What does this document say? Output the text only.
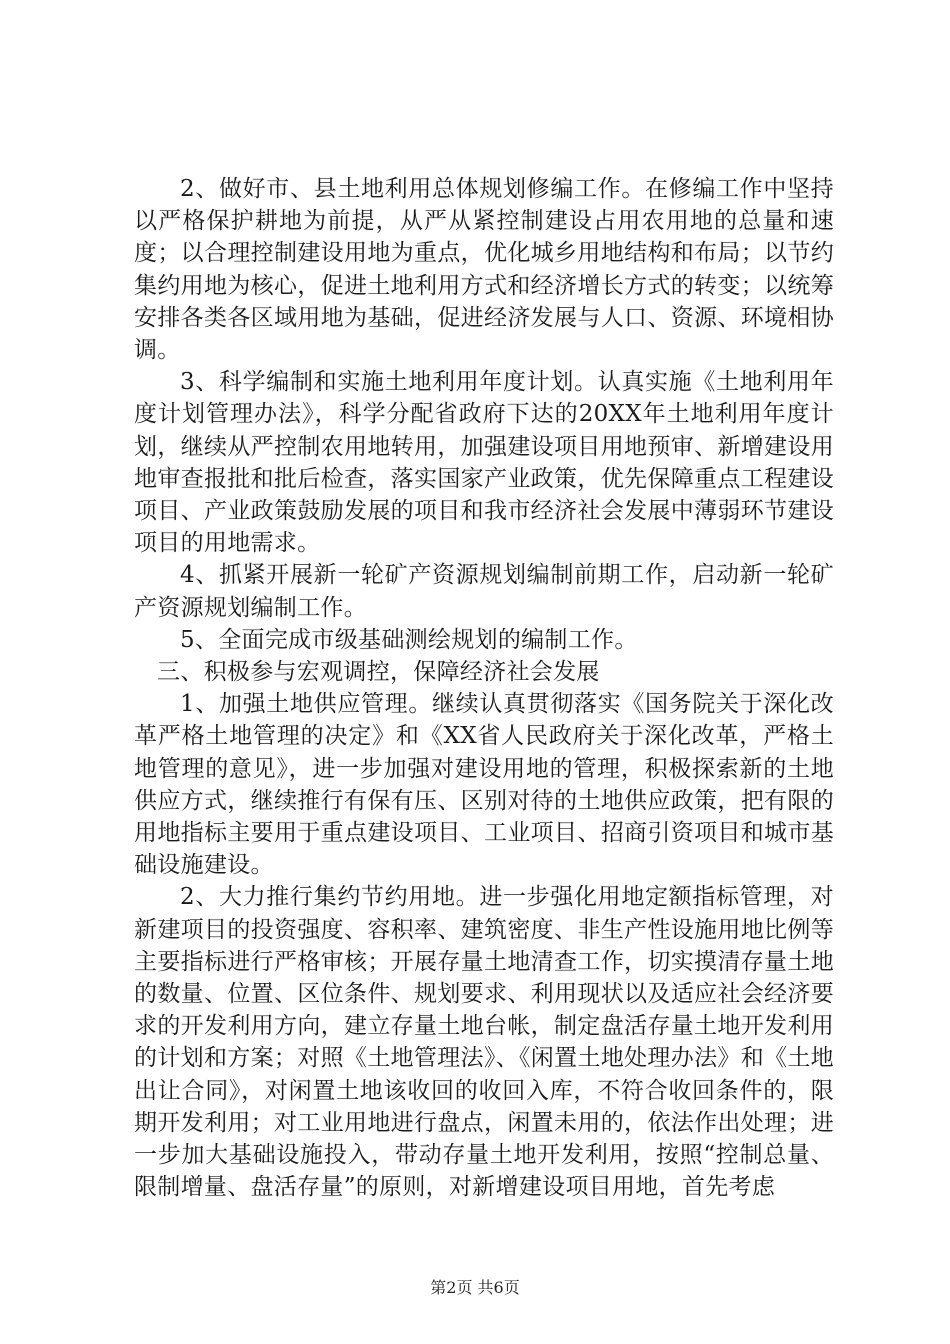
2、做好市、县土地利用总体规划修编工作。在修编工作中坚持以严格保护耕地为前提，从严从紧控制建设占用农用地的总量和速度；以合理控制建设用地为重点，优化城乡用地结构和布局；以节约集约用地为核心，促进土地利用方式和经济增长方式的转变；以统筹安排各类各区域用地为基础，促进经济发展与人口、资源、环境相协调。

3、科学编制和实施土地利用年度计划。认真实施《土地利用年度计划管理办法》，科学分配省政府下达的20XX年土地利用年度计划，继续从严控制农用地转用，加强建设项目用地预审、新增建设用地审查报批和批后检查，落实国家产业政策，优先保障重点工程建设项目、产业政策鼓励发展的项目和我市经济社会发展中薄弱环节建设项目的用地需求。

4、抓紧开展新一轮矿产资源规划编制前期工作，启动新一轮矿产资源规划编制工作。

5、全面完成市级基础测绘规划的编制工作。

三、积极参与宏观调控，保障经济社会发展

1、加强土地供应管理。继续认真贯彻落实《国务院关于深化改革严格土地管理的决定》和《XX省人民政府关于深化改革，严格土地管理的意见》，进一步加强对建设用地的管理，积极探索新的土地供应方式，继续推行有保有压、区别对待的土地供应政策，把有限的用地指标主要用于重点建设项目、工业项目、招商引资项目和城市基础设施建设。

2、大力推行集约节约用地。进一步强化用地定额指标管理，对新建项目的投资强度、容积率、建筑密度、非生产性设施用地比例等主要指标进行严格审核；开展存量土地清查工作，切实摸清存量土地的数量、位置、区位条件、规划要求、利用现状以及适应社会经济要求的开发利用方向，建立存量土地台帐，制定盘活存量土地开发利用的计划和方案；对照《土地管理法》、《闲置土地处理办法》和《土地出让合同》，对闲置土地该收回的收回入库，不符合收回条件的，限期开发利用；对工业用地进行盘点，闲置未用的，依法作出处理；进一步加大基础设施投入，带动存量土地开发利用，按照“控制总量、限制增量、盘活存量”的原则，对新增建设项目用地，首先考虑

第2页 共6页
